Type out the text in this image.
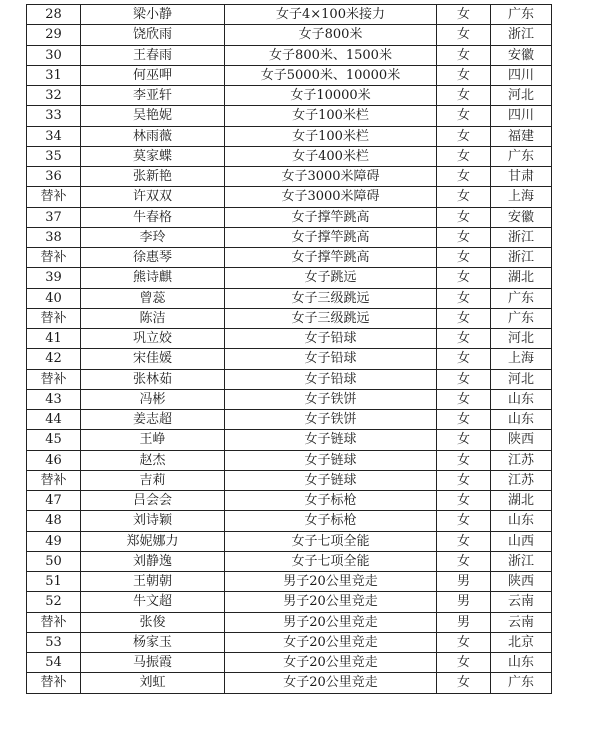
28	梁小静	女子4×100米接力	女	广东
29	饶欣雨	女子800米	女	浙江
30	王春雨	女子800米、1500米	女	安徽
31	何巫呷	女子5000米、10000米	女	四川
32	李亚轩	女子10000米	女	河北
33	吴艳妮	女子100米栏	女	四川
34	林雨薇	女子100米栏	女	福建
35	莫家蝶	女子400米栏	女	广东
36	张新艳	女子3000米障碍	女	甘肃
替补	许双双	女子3000米障碍	女	上海
37	牛春格	女子撑竿跳高	女	安徽
38	李玲	女子撑竿跳高	女	浙江
替补	徐惠琴	女子撑竿跳高	女	浙江
39	熊诗麒	女子跳远	女	湖北
40	曾蕊	女子三级跳远	女	广东
替补	陈洁	女子三级跳远	女	广东
41	巩立姣	女子铅球	女	河北
42	宋佳媛	女子铅球	女	上海
替补	张林茹	女子铅球	女	河北
43	冯彬	女子铁饼	女	山东
44	姜志超	女子铁饼	女	山东
45	王峥	女子链球	女	陕西
46	赵杰	女子链球	女	江苏
替补	吉莉	女子链球	女	江苏
47	吕会会	女子标枪	女	湖北
48	刘诗颖	女子标枪	女	山东
49	郑妮娜力	女子七项全能	女	山西
50	刘静逸	女子七项全能	女	浙江
51	王朝朝	男子20公里竞走	男	陕西
52	牛文超	男子20公里竞走	男	云南
替补	张俊	男子20公里竞走	男	云南
53	杨家玉	女子20公里竞走	女	北京
54	马振霞	女子20公里竞走	女	山东
替补	刘虹	女子20公里竞走	女	广东
